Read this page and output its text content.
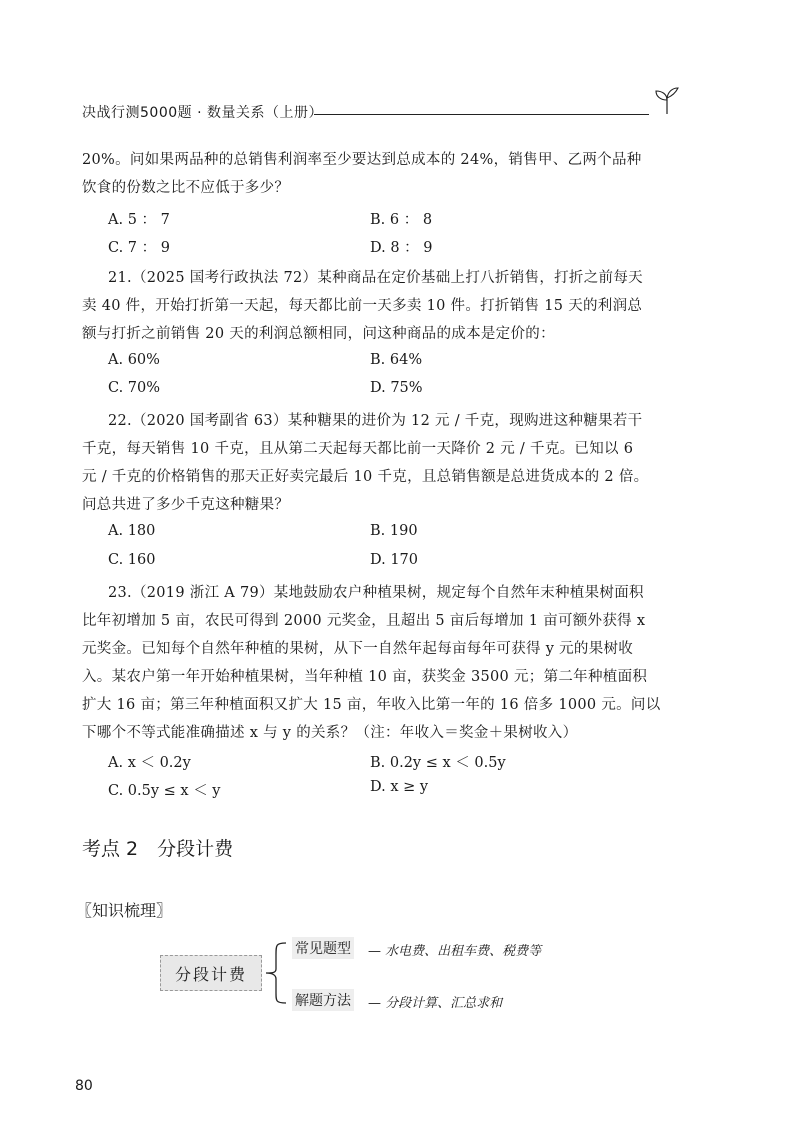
决战行测5000题 · 数量关系（上册）
20%。问如果两品种的总销售利润率至少要达到总成本的 24%，销售甲、乙两个品种
饮食的份数之比不应低于多少？
A. 5 ： 7	B. 6 ： 8
C. 7 ： 9	D. 8 ： 9
21.（2025 国考行政执法 72）某种商品在定价基础上打八折销售，打折之前每天
卖 40 件，开始打折第一天起，每天都比前一天多卖 10 件。打折销售 15 天的利润总
额与打折之前销售 20 天的利润总额相同，问这种商品的成本是定价的：
A. 60%	B. 64%
C. 70%	D. 75%
22.（2020 国考副省 63）某种糖果的进价为 12 元 / 千克，现购进这种糖果若干
千克，每天销售 10 千克，且从第二天起每天都比前一天降价 2 元 / 千克。已知以 6
元 / 千克的价格销售的那天正好卖完最后 10 千克，且总销售额是总进货成本的 2 倍。
问总共进了多少千克这种糖果？
A. 180	B. 190
C. 160	D. 170
23.（2019 浙江 A 79）某地鼓励农户种植果树，规定每个自然年末种植果树面积
比年初增加 5 亩，农民可得到 2000 元奖金，且超出 5 亩后每增加 1 亩可额外获得 x
元奖金。已知每个自然年种植的果树，从下一自然年起每亩每年可获得 y 元的果树收
入。某农户第一年开始种植果树，当年种植 10 亩，获奖金 3500 元；第二年种植面积
扩大 16 亩；第三年种植面积又扩大 15 亩，年收入比第一年的 16 倍多 1000 元。问以
下哪个不等式能准确描述 x 与 y 的关系？（注：年收入＝奖金＋果树收入）
A. x ＜ 0.2y	B. 0.2y ≤ x ＜ 0.5y
C. 0.5y ≤ x ＜ y	D. x ≥ y
考点 2　分段计费
〖知识梳理〗
分段计费
常见题型 — 水电费、出租车费、税费等
解题方法 — 分段计算、汇总求和
80
